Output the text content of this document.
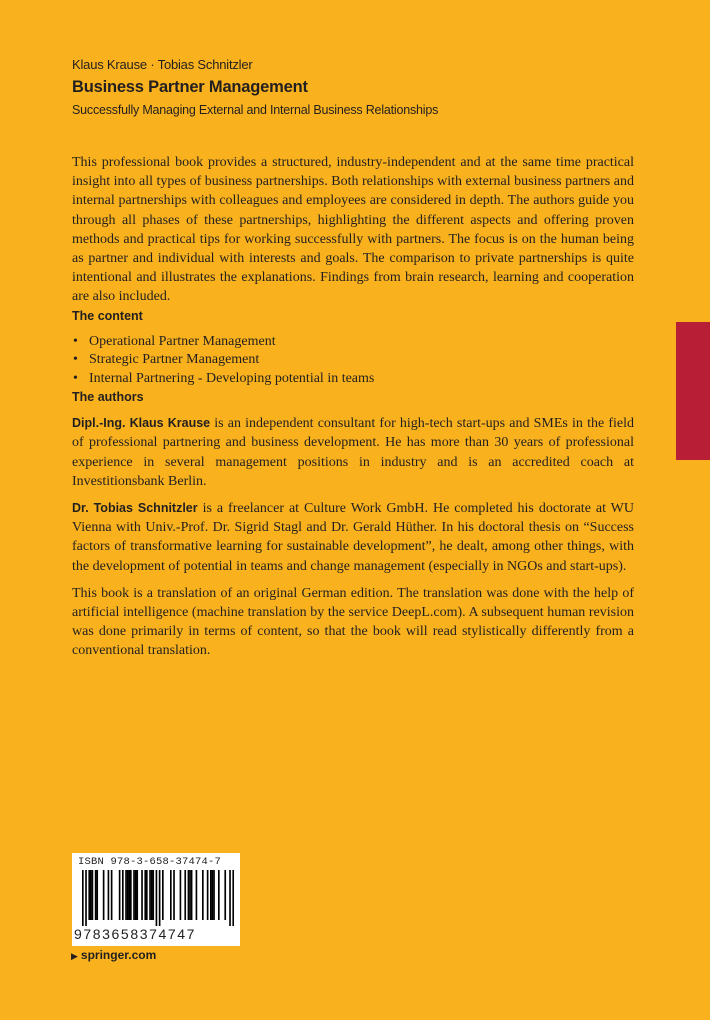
Klaus Krause · Tobias Schnitzler

Business Partner Management

Successfully Managing External and Internal Business Relationships

This professional book provides a structured, industry-independent and at the same time practical insight into all types of business partnerships. Both relationships with external business partners and internal partnerships with colleagues and employees are considered in depth. The authors guide you through all phases of these partnerships, highlighting the different aspects and offering proven methods and practical tips for working successfully with partners. The focus is on the human being as partner and individual with interests and goals. The comparison to private partnerships is quite intentional and illustrates the explanations. Findings from brain research, learning and cooperation are also included.

The content

• Operational Partner Management
• Strategic Partner Management
• Internal Partnering - Developing potential in teams

The authors

Dipl.-Ing. Klaus Krause is an independent consultant for high-tech start-ups and SMEs in the field of professional partnering and business development. He has more than 30 years of professional experience in several management positions in industry and is an accredited coach at Investitionsbank Berlin.

Dr. Tobias Schnitzler is a freelancer at Culture Work GmbH. He completed his doctorate at WU Vienna with Univ.-Prof. Dr. Sigrid Stagl and Dr. Gerald Hüther. In his doctoral thesis on “Success factors of transformative learning for sustainable development”, he dealt, among other things, with the development of potential in teams and change management (especially in NGOs and start-ups).

This book is a translation of an original German edition. The translation was done with the help of artificial intelligence (machine translation by the service DeepL.com). A subsequent human revision was done primarily in terms of content, so that the book will read stylistically differently from a conventional translation.

ISBN 978-3-658-37474-7
9783658374747
▶ springer.com
